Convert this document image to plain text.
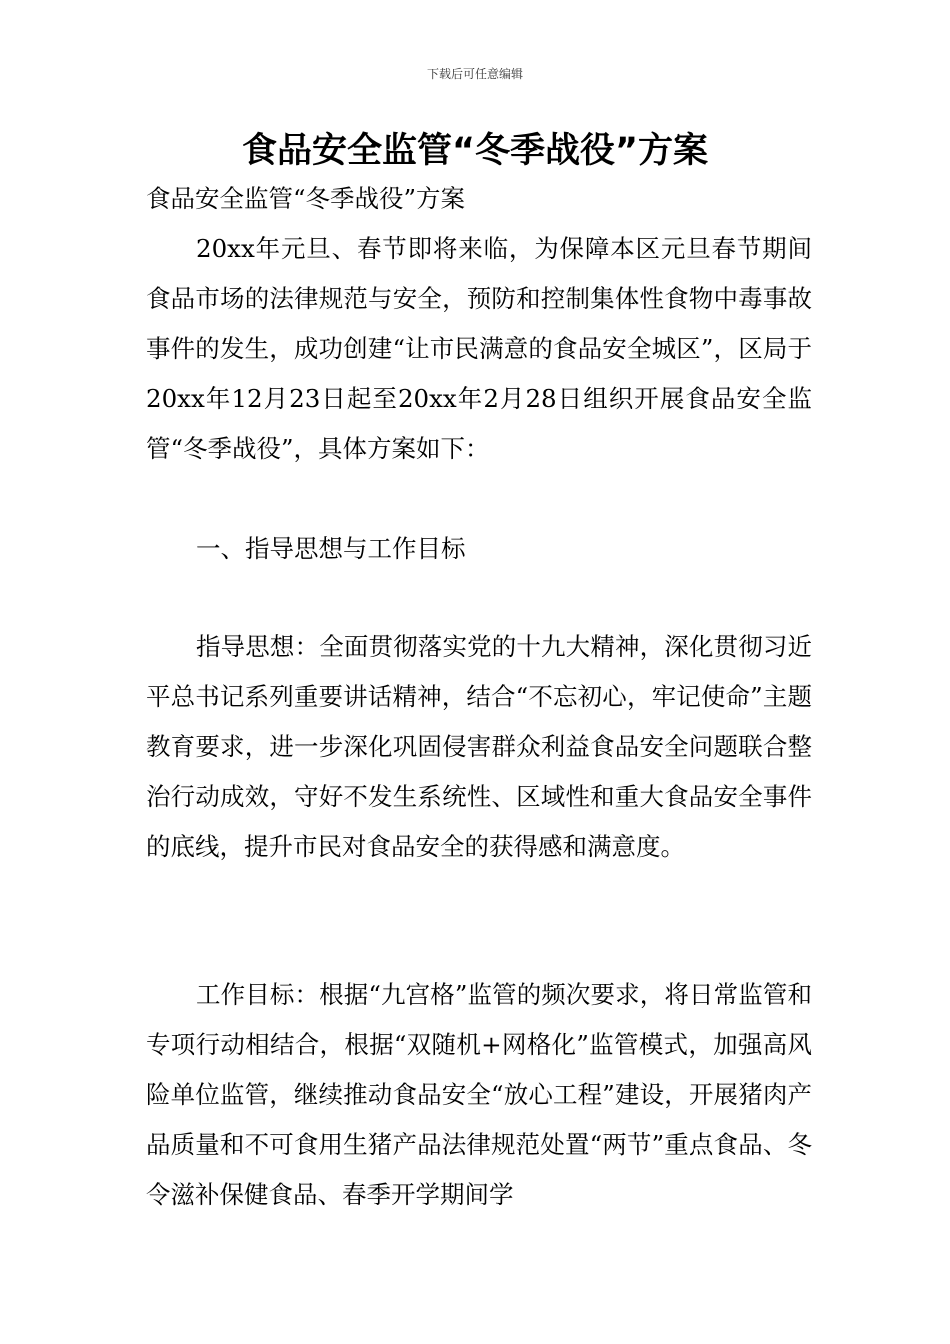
下载后可任意编辑
食品安全监管“冬季战役”方案

食品安全监管“冬季战役”方案

20xx年元旦、春节即将来临，为保障本区元旦春节期间食品市场的法律规范与安全，预防和控制集体性食物中毒事故事件的发生，成功创建“让市民满意的食品安全城区”，区局于20xx年12月23日起至20xx年2月28日组织开展食品安全监管“冬季战役”，具体方案如下：

一、指导思想与工作目标

指导思想：全面贯彻落实党的十九大精神，深化贯彻习近平总书记系列重要讲话精神，结合“不忘初心，牢记使命”主题教育要求，进一步深化巩固侵害群众利益食品安全问题联合整治行动成效，守好不发生系统性、区域性和重大食品安全事件的底线，提升市民对食品安全的获得感和满意度。

工作目标：根据“九宫格”监管的频次要求，将日常监管和专项行动相结合，根据“双随机+网格化”监管模式，加强高风险单位监管，继续推动食品安全“放心工程”建设，开展猪肉产品质量和不可食用生猪产品法律规范处置“两节”重点食品、冬令滋补保健食品、春季开学期间学
